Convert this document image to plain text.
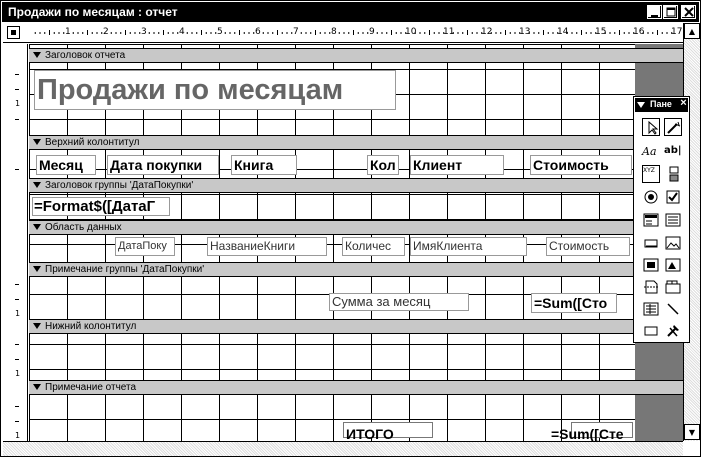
Продажи по месяцам : отчет
1	2	3	4	5	6	7	8	9	10	11	12	13	14	15	16	17
1
1
1
1
Заголовок отчета
Верхний колонтитул
Заголовок группы 'ДатаПокупки'
Область данных
Примечание группы 'ДатаПокупки'
Нижний колонтитул
Примечание отчета
Продажи по месяцам
Месяц	Дата покупки	Книга	Кол Клиент	Стоимость
=Format$([ДатаГ
ДатаПоку	НазваниеКниги	Количес	ИмяКлиента	Стоимость
Сумма за месяц	=Sum([Сто
ИТОГО	=Sum([Сте
▲
▼
Пане ×
Aa ab|
XYZ
